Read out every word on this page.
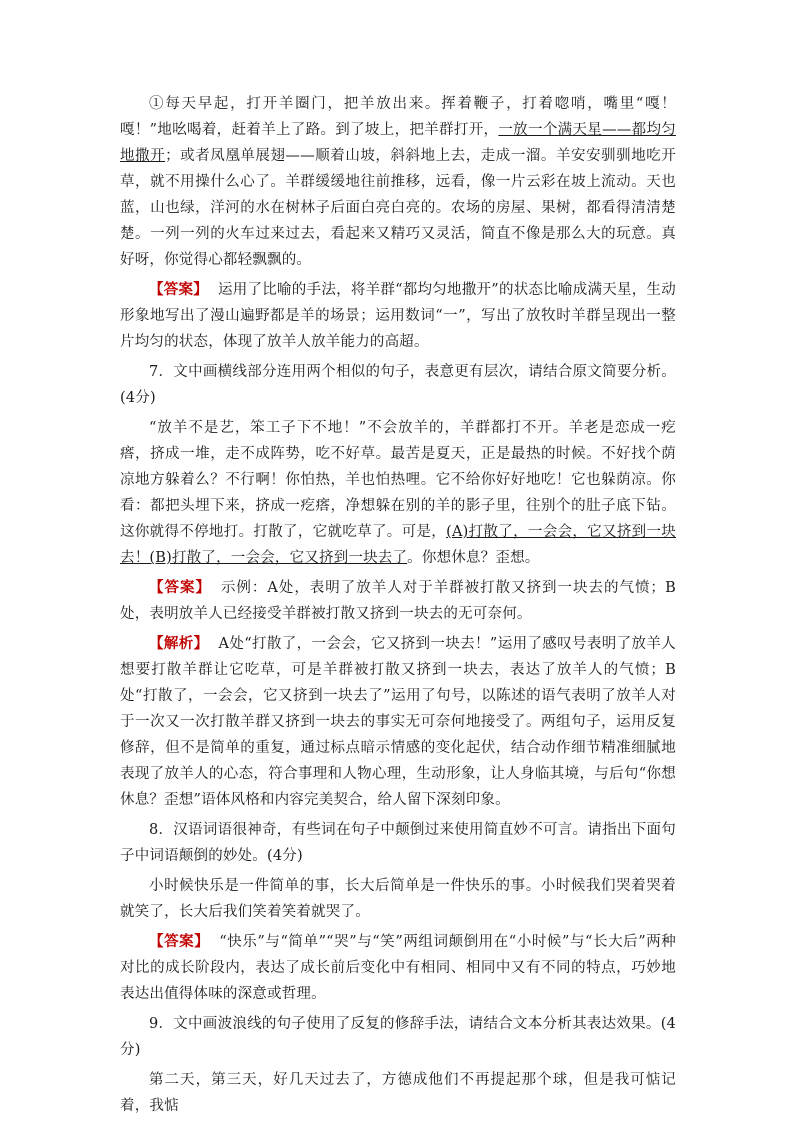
①每天早起，打开羊圈门，把羊放出来。挥着鞭子，打着唿哨，嘴里“嘎！嘎！”地吆喝着，赶着羊上了路。到了坡上，把羊群打开，一放一个满天星——都均匀地撒开；或者凤凰单展翅——顺着山坡，斜斜地上去，走成一溜。羊安安驯驯地吃开草，就不用操什么心了。羊群缓缓地往前推移，远看，像一片云彩在坡上流动。天也蓝，山也绿，洋河的水在树林子后面白亮白亮的。农场的房屋、果树，都看得清清楚楚。一列一列的火车过来过去，看起来又精巧又灵活，简直不像是那么大的玩意。真好呀，你觉得心都轻飘飘的。

【答案】 运用了比喻的手法，将羊群“都均匀地撒开”的状态比喻成满天星，生动形象地写出了漫山遍野都是羊的场景；运用数词“一”，写出了放牧时羊群呈现出一整片均匀的状态，体现了放羊人放羊能力的高超。

7．文中画横线部分连用两个相似的句子，表意更有层次，请结合原文简要分析。(4分)

“放羊不是艺，笨工子下不地！”不会放羊的，羊群都打不开。羊老是恋成一疙瘩，挤成一堆，走不成阵势，吃不好草。最苦是夏天，正是最热的时候。不好找个荫凉地方躲着么？不行啊！你怕热，羊也怕热哩。它不给你好好地吃！它也躲荫凉。你看：都把头埋下来，挤成一疙瘩，净想躲在别的羊的影子里，往别个的肚子底下钻。这你就得不停地打。打散了，它就吃草了。可是，(A)打散了，一会会，它又挤到一块去！(B)打散了，一会会，它又挤到一块去了。你想休息？歪想。

【答案】 示例：A处，表明了放羊人对于羊群被打散又挤到一块去的气愤；B处，表明放羊人已经接受羊群被打散又挤到一块去的无可奈何。

【解析】 A处“打散了，一会会，它又挤到一块去！”运用了感叹号表明了放羊人想要打散羊群让它吃草，可是羊群被打散又挤到一块去，表达了放羊人的气愤；B处“打散了，一会会，它又挤到一块去了”运用了句号，以陈述的语气表明了放羊人对于一次又一次打散羊群又挤到一块去的事实无可奈何地接受了。两组句子，运用反复修辞，但不是简单的重复，通过标点暗示情感的变化起伏，结合动作细节精准细腻地表现了放羊人的心态，符合事理和人物心理，生动形象，让人身临其境，与后句“你想休息？歪想”语体风格和内容完美契合，给人留下深刻印象。

8．汉语词语很神奇，有些词在句子中颠倒过来使用简直妙不可言。请指出下面句子中词语颠倒的妙处。(4分)

小时候快乐是一件简单的事，长大后简单是一件快乐的事。小时候我们哭着哭着就笑了，长大后我们笑着笑着就哭了。

【答案】 “快乐”与“简单”“哭”与“笑”两组词颠倒用在“小时候”与“长大后”两种对比的成长阶段内，表达了成长前后变化中有相同、相同中又有不同的特点，巧妙地表达出值得体味的深意或哲理。

9．文中画波浪线的句子使用了反复的修辞手法，请结合文本分析其表达效果。(4分)

第二天，第三天，好几天过去了，方德成他们不再提起那个球，但是我可惦记着，我惦
